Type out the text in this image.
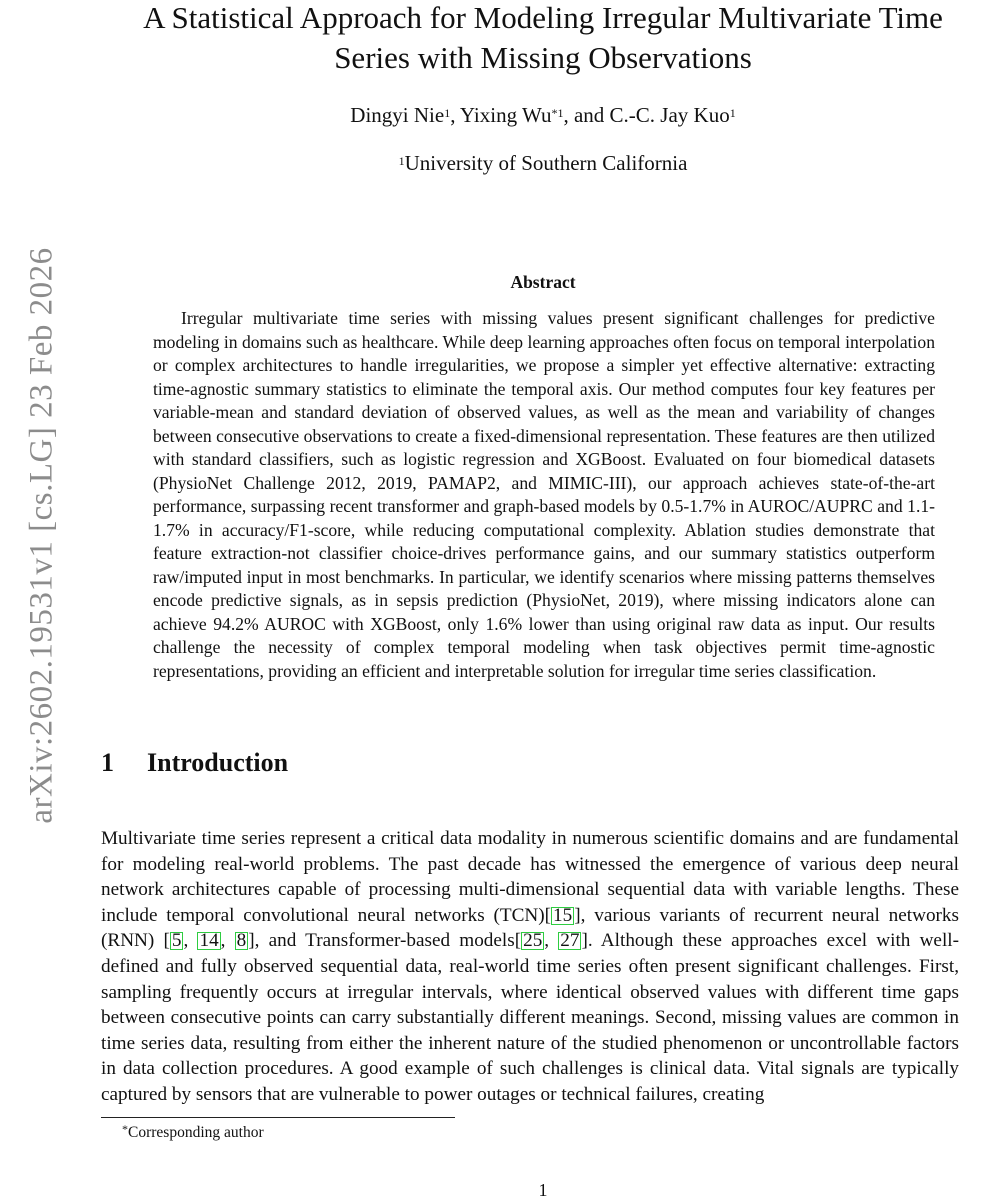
arXiv:2602.19531v1 [cs.LG] 23 Feb 2026
A Statistical Approach for Modeling Irregular Multivariate Time
Series with Missing Observations
Dingyi Nie$^1$, Yixing Wu$^{*1}$, and C.-C. Jay Kuo$^1$
$^1$University of Southern California
Abstract

Irregular multivariate time series with missing values present significant challenges for predictive modeling in domains such as healthcare. While deep learning approaches often focus on temporal interpolation or complex architectures to handle irregularities, we propose a simpler yet effective alternative: extracting time-agnostic summary statistics to eliminate the temporal axis. Our method computes four key features per variable-mean and standard deviation of observed values, as well as the mean and variability of changes between consecutive observations to create a fixed-dimensional representation. These features are then utilized with standard classifiers, such as logistic regression and XGBoost. Evaluated on four biomedical datasets (PhysioNet Challenge 2012, 2019, PAMAP2, and MIMIC-III), our approach achieves state-of-the-art performance, surpassing recent transformer and graph-based models by 0.5-1.7% in AUROC/AUPRC and 1.1-1.7% in accuracy/F1-score, while reducing computational complexity. Ablation studies demonstrate that feature extraction-not classifier choice-drives performance gains, and our summary statistics outperform raw/imputed input in most benchmarks. In particular, we identify scenarios where missing patterns themselves encode predictive signals, as in sepsis prediction (PhysioNet, 2019), where missing indicators alone can achieve 94.2% AUROC with XGBoost, only 1.6% lower than using original raw data as input. Our results challenge the necessity of complex temporal modeling when task objectives permit time-agnostic representations, providing an efficient and interpretable solution for irregular time series classification.

1 Introduction

Multivariate time series represent a critical data modality in numerous scientific domains and are fundamental for modeling real-world problems. The past decade has witnessed the emergence of various deep neural network architectures capable of processing multi-dimensional sequential data with variable lengths. These include temporal convolutional neural networks (TCN)[ 15 ], various variants of recurrent neural networks (RNN) [ 5 , 14 , 8 ], and Transformer-based models[ 25 , 27 ]. Although these approaches excel with well-defined and fully observed sequential data, real-world time series often present significant challenges. First, sampling frequently occurs at irregular intervals, where identical observed values with different time gaps between consecutive points can carry substantially different meanings. Second, missing values are common in time series data, resulting from either the inherent nature of the studied phenomenon or uncontrollable factors in data collection procedures. A good example of such challenges is clinical data. Vital signals are typically captured by sensors that are vulnerable to power outages or technical failures, creating

*Corresponding author
1
